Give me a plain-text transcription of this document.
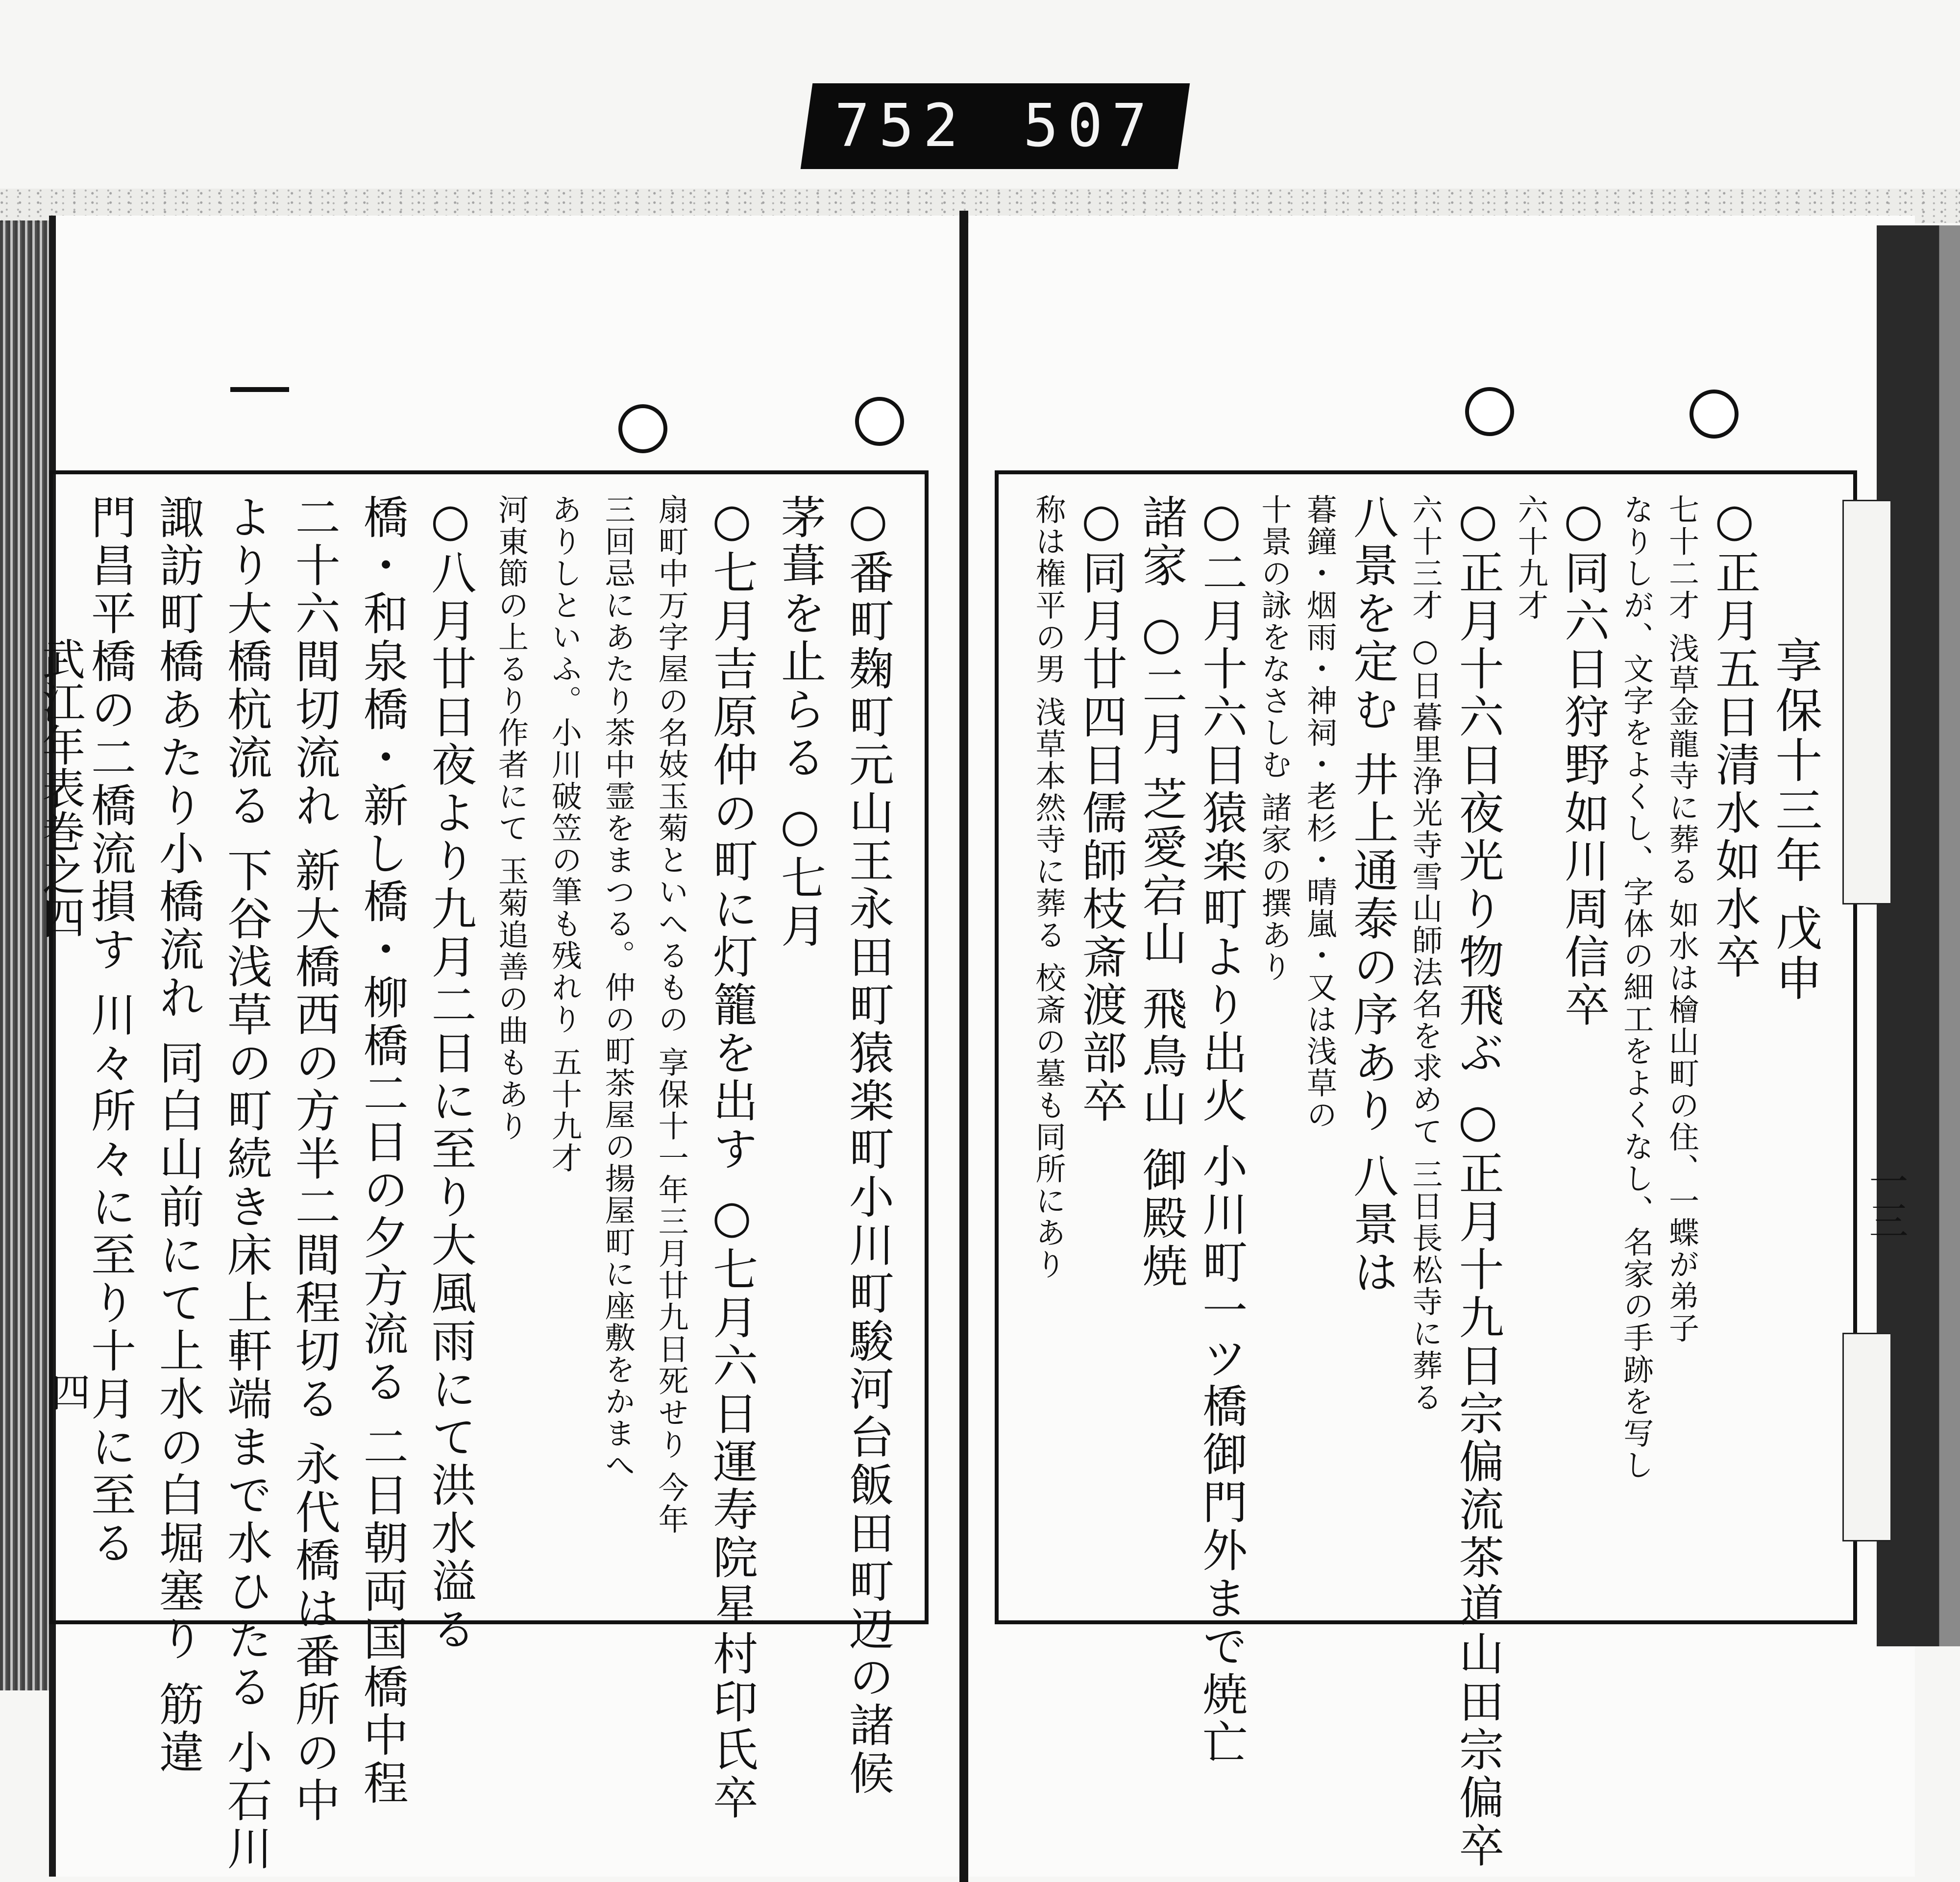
752 507
○番町麹町元山王永田町猿楽町小川町駿河台飯田町辺の諸候
茅葺を止らる ○七月
○七月吉原仲の町に灯籠を出す ○七月六日運寿院星村印氏卒
扇町中万字屋の名妓玉菊といへるもの 享保十一年三月廿九日死せり 今年
三回忌にあたり茶中霊をまつる。仲の町茶屋の揚屋町に座敷をかまへ
ありしといふ。小川破笠の筆も残れり 五十九才
河東節の上るり作者にて 玉菊追善の曲もあり
○八月廿日夜より九月二日に至り大風雨にて洪水溢る
橋・和泉橋・新し橋・柳橋二日の夕方流る 二日朝両国橋中程
二十六間切流れ 新大橋西の方半二間程切る 永代橋は番所の中
より大橋杭流る 下谷浅草の町続き床上軒端まで水ひたる 小石川
諏訪町橋あたり小橋流れ 同白山前にて上水の白堀塞り 筋違
門昌平橋の二橋流損す 川々所々に至り十月に至る
武江年表巻之四
四
享保十三年 戊申
○正月五日清水如水卒
七十二才 浅草金龍寺に葬る 如水は檜山町の住、一蝶が弟子
なりしが、文字をよくし、字体の細工をよくなし、名家の手跡を写し
○同六日狩野如川周信卒
六十九才
○正月十六日夜光り物飛ぶ ○正月十九日宗偏流茶道山田宗偏卒
六十三才 ○日暮里浄光寺雪山師法名を求めて 三日長松寺に葬る
八景を定む 井上通泰の序あり 八景は
暮鐘・烟雨・神祠・老杉・晴嵐・又は浅草の
十景の詠をなさしむ 諸家の撰あり
○二月十六日猿楽町より出火 小川町一ツ橋御門外まで焼亡
諸家 ○二月 芝愛宕山 飛鳥山 御殿焼
○同月廿四日儒師枝斎渡部卒
称は権平の男 浅草本然寺に葬る 校斎の墓も同所にあり	一三
